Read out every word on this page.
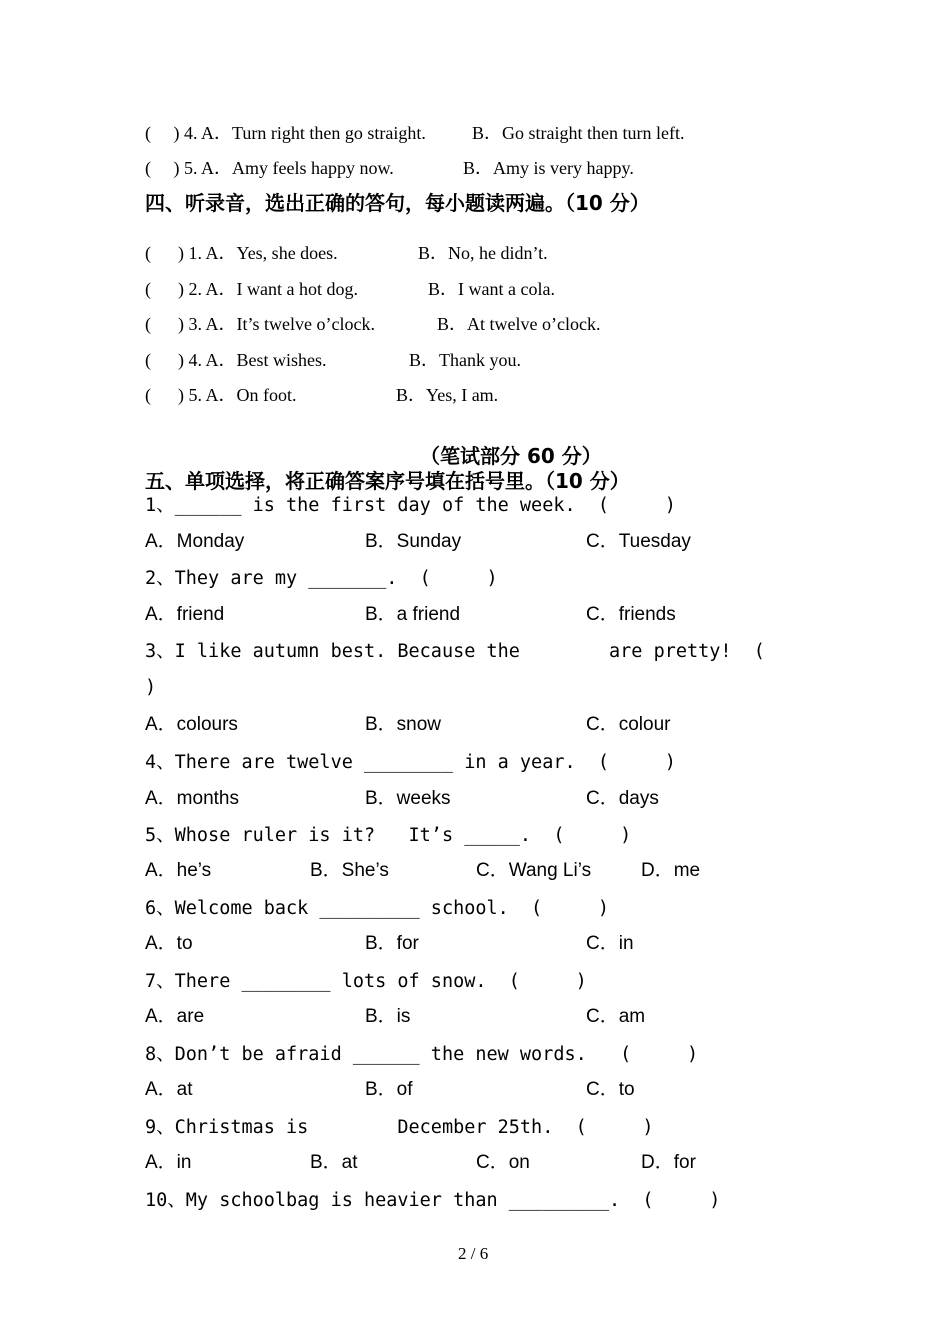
(     ) 4. A．Turn right then go straight.	B．Go straight then turn left.
(     ) 5. A．Amy feels happy now.	B．Amy is very happy.
四、听录音，选出正确的答句，每小题读两遍。（10 分）
(      ) 1. A．Yes, she does.	B．No, he didn’t.
(      ) 2. A．I want a hot dog.	B．I want a cola.
(      ) 3. A．It’s twelve o’clock.	B．At twelve o’clock.
(      ) 4. A．Best wishes.	B．Thank you.
(      ) 5. A．On foot.	B．Yes, I am.
（笔试部分 60 分）
五、单项选择，将正确答案序号填在括号里。（10 分）
1、______ is the first day of the week.  (     )
A．Monday	B．Sunday	C．Tuesday
2、They are my _______.  (     )
A．friend	B．a friend	C．friends
3、I like autumn best. Because the        are pretty!  (
)
A．colours	B．snow	C．colour
4、There are twelve ________ in a year.  (     )
A．months	B．weeks	C．days
5、Whose ruler is it?   It’s _____.  (     )
A．he’s	B．She’s	C．Wang Li’s	D．me
6、Welcome back _________ school.  (     )
A．to	B．for	C．in
7、There ________ lots of snow.  (     )
A．are	B．is	C．am
8、Don’t be afraid ______ the new words.   (     )
A．at	B．of	C．to
9、Christmas is        December 25th.  (     )
A．in	B．at	C．on	D．for
10、My schoolbag is heavier than _________.  (     )
2 / 6
